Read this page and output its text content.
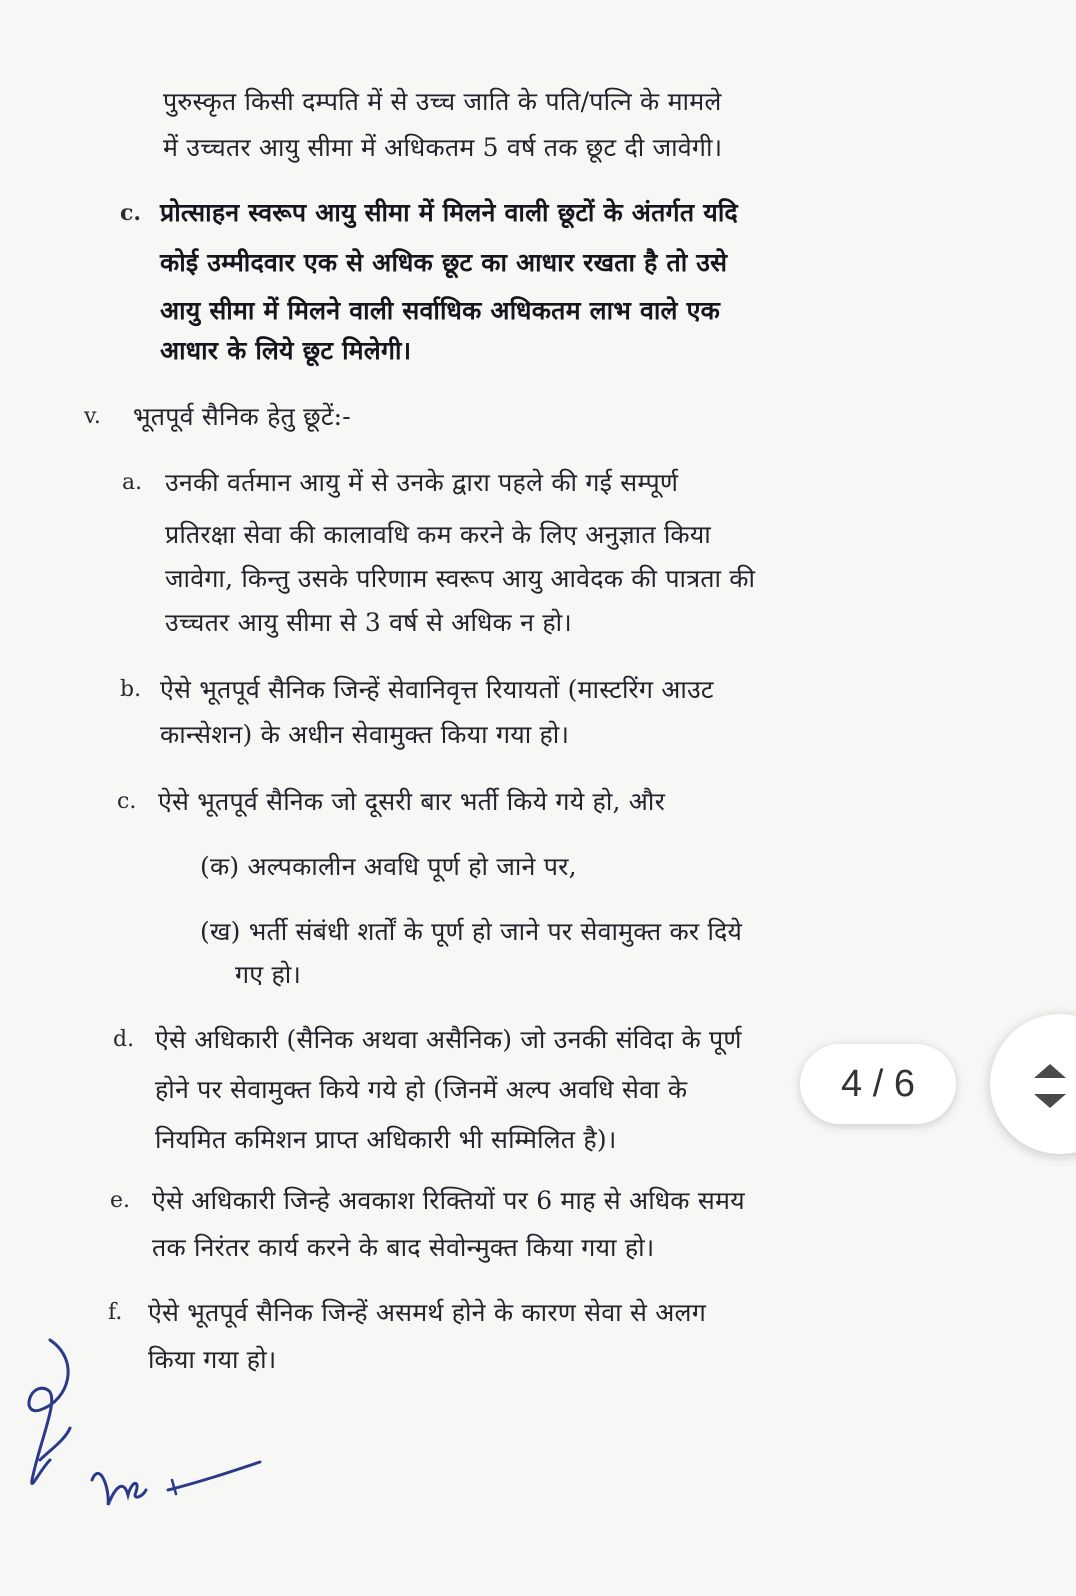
पुरुस्कृत किसी दम्पति में से उच्च जाति के पति/पत्नि के मामले
में उच्चतर आयु सीमा में अधिकतम 5 वर्ष तक छूट दी जावेगी।
c. प्रोत्साहन स्वरूप आयु सीमा में मिलने वाली छूटों के अंतर्गत यदि
कोई उम्मीदवार एक से अधिक छूट का आधार रखता है तो उसे
आयु सीमा में मिलने वाली सर्वाधिक अधिकतम लाभ वाले एक
आधार के लिये छूट मिलेगी।
v. भूतपूर्व सैनिक हेतु छूटें:-
a. उनकी वर्तमान आयु में से उनके द्वारा पहले की गई सम्पूर्ण
प्रतिरक्षा सेवा की कालावधि कम करने के लिए अनुज्ञात किया
जावेगा, किन्तु उसके परिणाम स्वरूप आयु आवेदक की पात्रता की
उच्चतर आयु सीमा से 3 वर्ष से अधिक न हो।
b. ऐसे भूतपूर्व सैनिक जिन्हें सेवानिवृत्त रियायतों (मास्टरिंग आउट
कान्सेशन) के अधीन सेवामुक्त किया गया हो।
c. ऐसे भूतपूर्व सैनिक जो दूसरी बार भर्ती किये गये हो, और
(क) अल्पकालीन अवधि पूर्ण हो जाने पर,
(ख) भर्ती संबंधी शर्तों के पूर्ण हो जाने पर सेवामुक्त कर दिये
गए हो।
d. ऐसे अधिकारी (सैनिक अथवा असैनिक) जो उनकी संविदा के पूर्ण
होने पर सेवामुक्त किये गये हो (जिनमें अल्प अवधि सेवा के
नियमित कमिशन प्राप्त अधिकारी भी सम्मिलित है)।
e. ऐसे अधिकारी जिन्हे अवकाश रिक्तियों पर 6 माह से अधिक समय
तक निरंतर कार्य करने के बाद सेवोन्मुक्त किया गया हो।
f. ऐसे भूतपूर्व सैनिक जिन्हें असमर्थ होने के कारण सेवा से अलग
किया गया हो।
4 / 6
